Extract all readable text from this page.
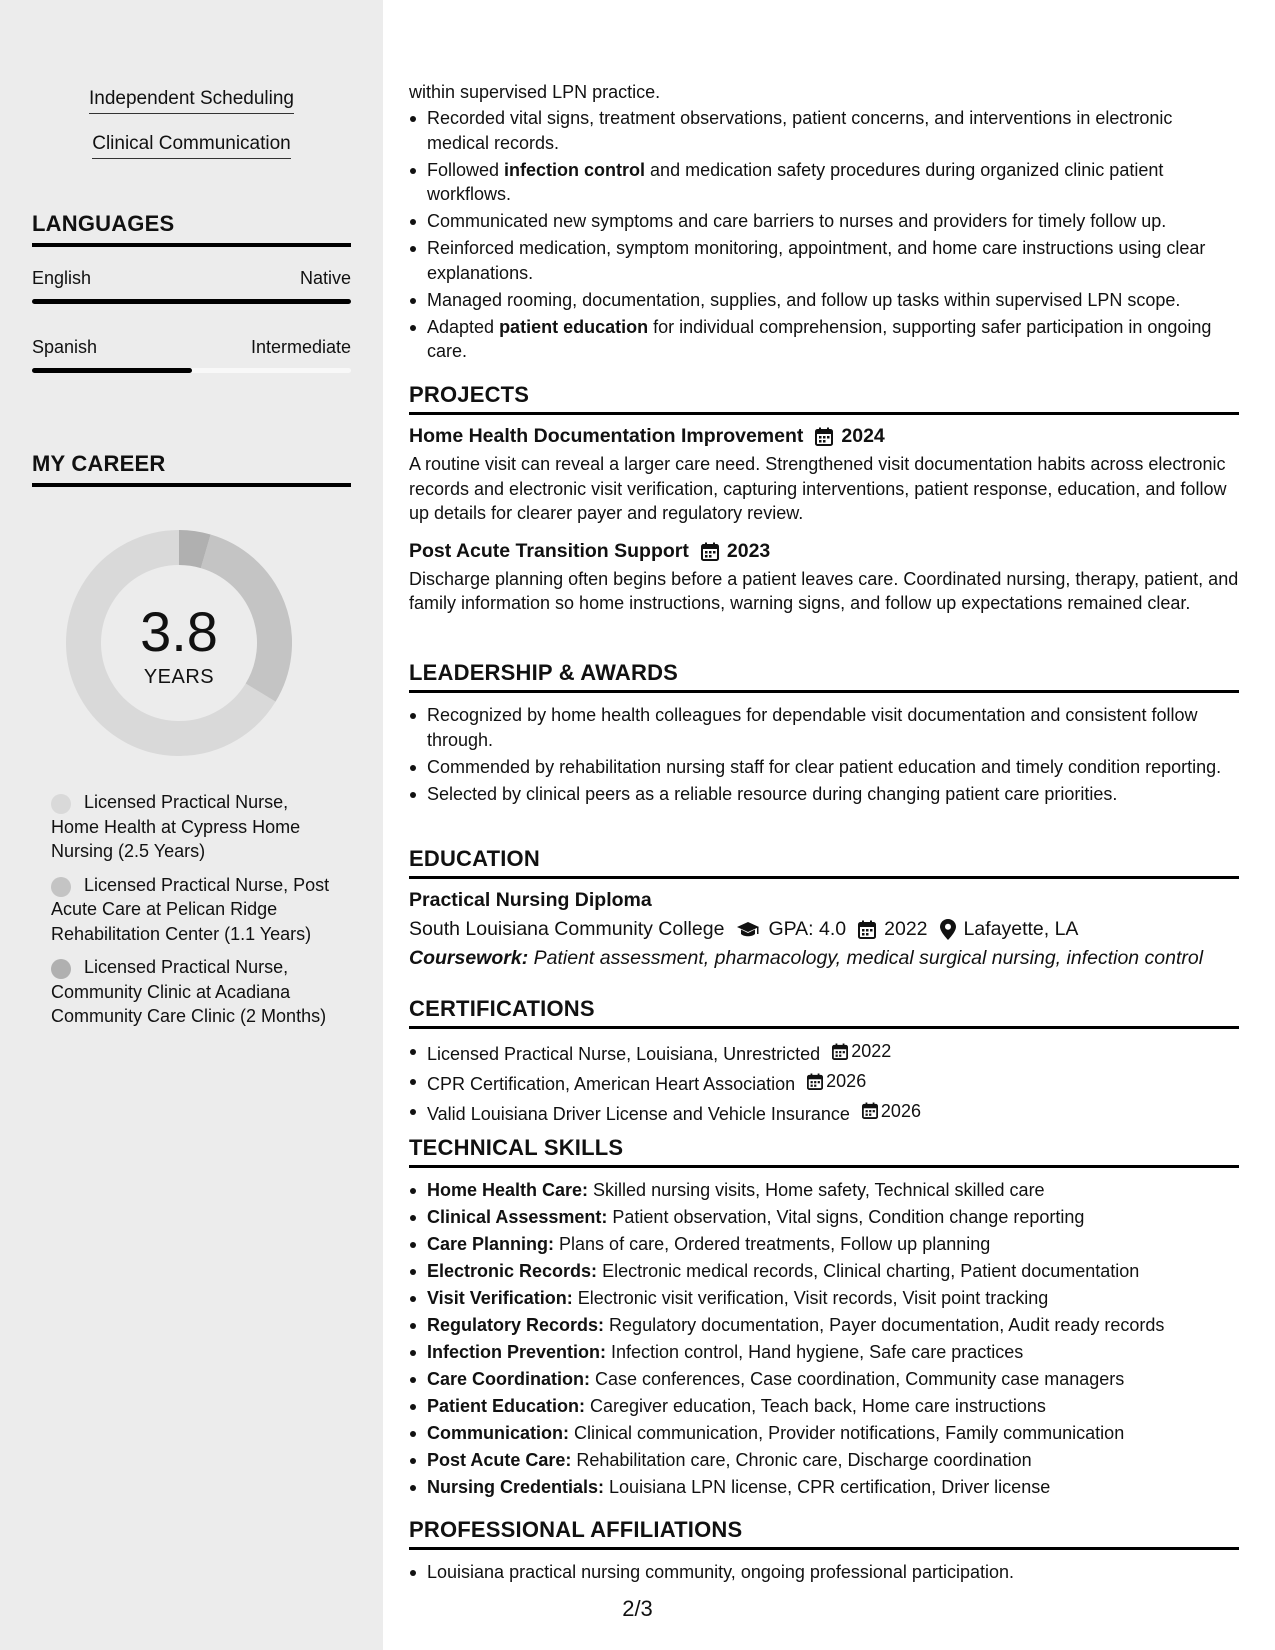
Independent Scheduling
Clinical Communication
LANGUAGES
English	Native
Spanish	Intermediate
MY CAREER
3.8
YEARS
Licensed Practical Nurse, Home Health at Cypress Home Nursing (2.5 Years)
Licensed Practical Nurse, Post Acute Care at Pelican Ridge Rehabilitation Center (1.1 Years)
Licensed Practical Nurse, Community Clinic at Acadiana Community Care Clinic (2 Months)
within supervised LPN practice.
Recorded vital signs, treatment observations, patient concerns, and interventions in electronic medical records.
Followed infection control and medication safety procedures during organized clinic patient workflows.
Communicated new symptoms and care barriers to nurses and providers for timely follow up.
Reinforced medication, symptom monitoring, appointment, and home care instructions using clear explanations.
Managed rooming, documentation, supplies, and follow up tasks within supervised LPN scope.
Adapted patient education for individual comprehension, supporting safer participation in ongoing care.
PROJECTS
Home Health Documentation Improvement 2024
A routine visit can reveal a larger care need. Strengthened visit documentation habits across electronic records and electronic visit verification, capturing interventions, patient response, education, and follow up details for clearer payer and regulatory review.
Post Acute Transition Support 2023
Discharge planning often begins before a patient leaves care. Coordinated nursing, therapy, patient, and family information so home instructions, warning signs, and follow up expectations remained clear.
LEADERSHIP & AWARDS
Recognized by home health colleagues for dependable visit documentation and consistent follow through.
Commended by rehabilitation nursing staff for clear patient education and timely condition reporting.
Selected by clinical peers as a reliable resource during changing patient care priorities.
EDUCATION
Practical Nursing Diploma
South Louisiana Community College GPA: 4.0 2022 Lafayette, LA
Coursework: Patient assessment, pharmacology, medical surgical nursing, infection control
CERTIFICATIONS
Licensed Practical Nurse, Louisiana, Unrestricted 2022
CPR Certification, American Heart Association 2026
Valid Louisiana Driver License and Vehicle Insurance 2026
TECHNICAL SKILLS
Home Health Care: Skilled nursing visits, Home safety, Technical skilled care
Clinical Assessment: Patient observation, Vital signs, Condition change reporting
Care Planning: Plans of care, Ordered treatments, Follow up planning
Electronic Records: Electronic medical records, Clinical charting, Patient documentation
Visit Verification: Electronic visit verification, Visit records, Visit point tracking
Regulatory Records: Regulatory documentation, Payer documentation, Audit ready records
Infection Prevention: Infection control, Hand hygiene, Safe care practices
Care Coordination: Case conferences, Case coordination, Community case managers
Patient Education: Caregiver education, Teach back, Home care instructions
Communication: Clinical communication, Provider notifications, Family communication
Post Acute Care: Rehabilitation care, Chronic care, Discharge coordination
Nursing Credentials: Louisiana LPN license, CPR certification, Driver license
PROFESSIONAL AFFILIATIONS
Louisiana practical nursing community, ongoing professional participation.
2/3
